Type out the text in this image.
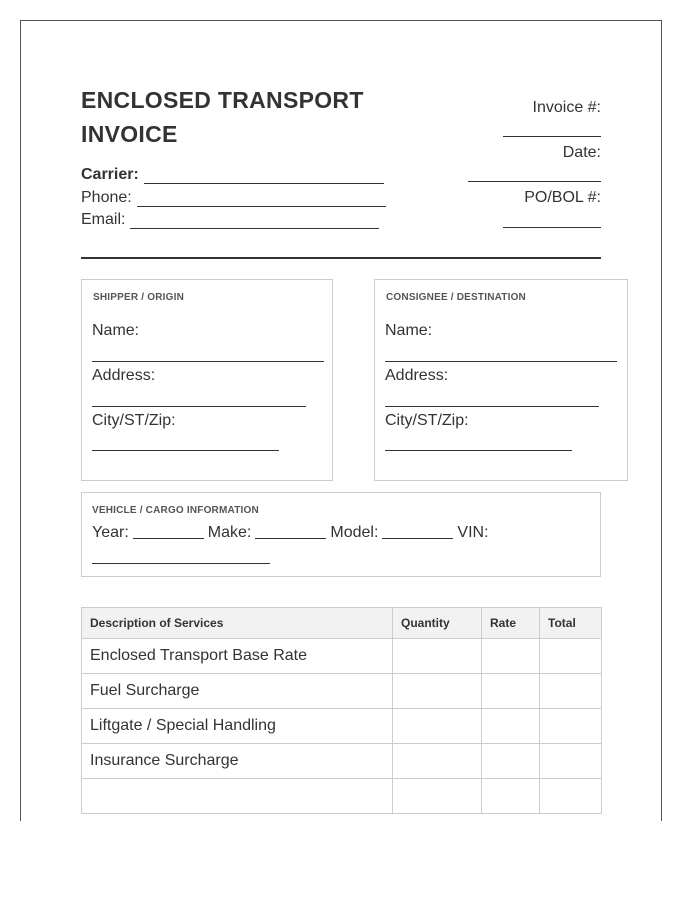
ENCLOSED TRANSPORT
INVOICE
Invoice #:
Date:
PO/BOL #:
Carrier:
Phone:
Email:
SHIPPER / ORIGIN
Name:
Address:
City/ST/Zip:
CONSIGNEE / DESTINATION
Name:
Address:
City/ST/Zip:
VEHICLE / CARGO INFORMATION
Year:	Make:	Model:	VIN:
Description of Services	Quantity	Rate	Total
Enclosed Transport Base Rate			
Fuel Surcharge			
Liftgate / Special Handling			
Insurance Surcharge			
